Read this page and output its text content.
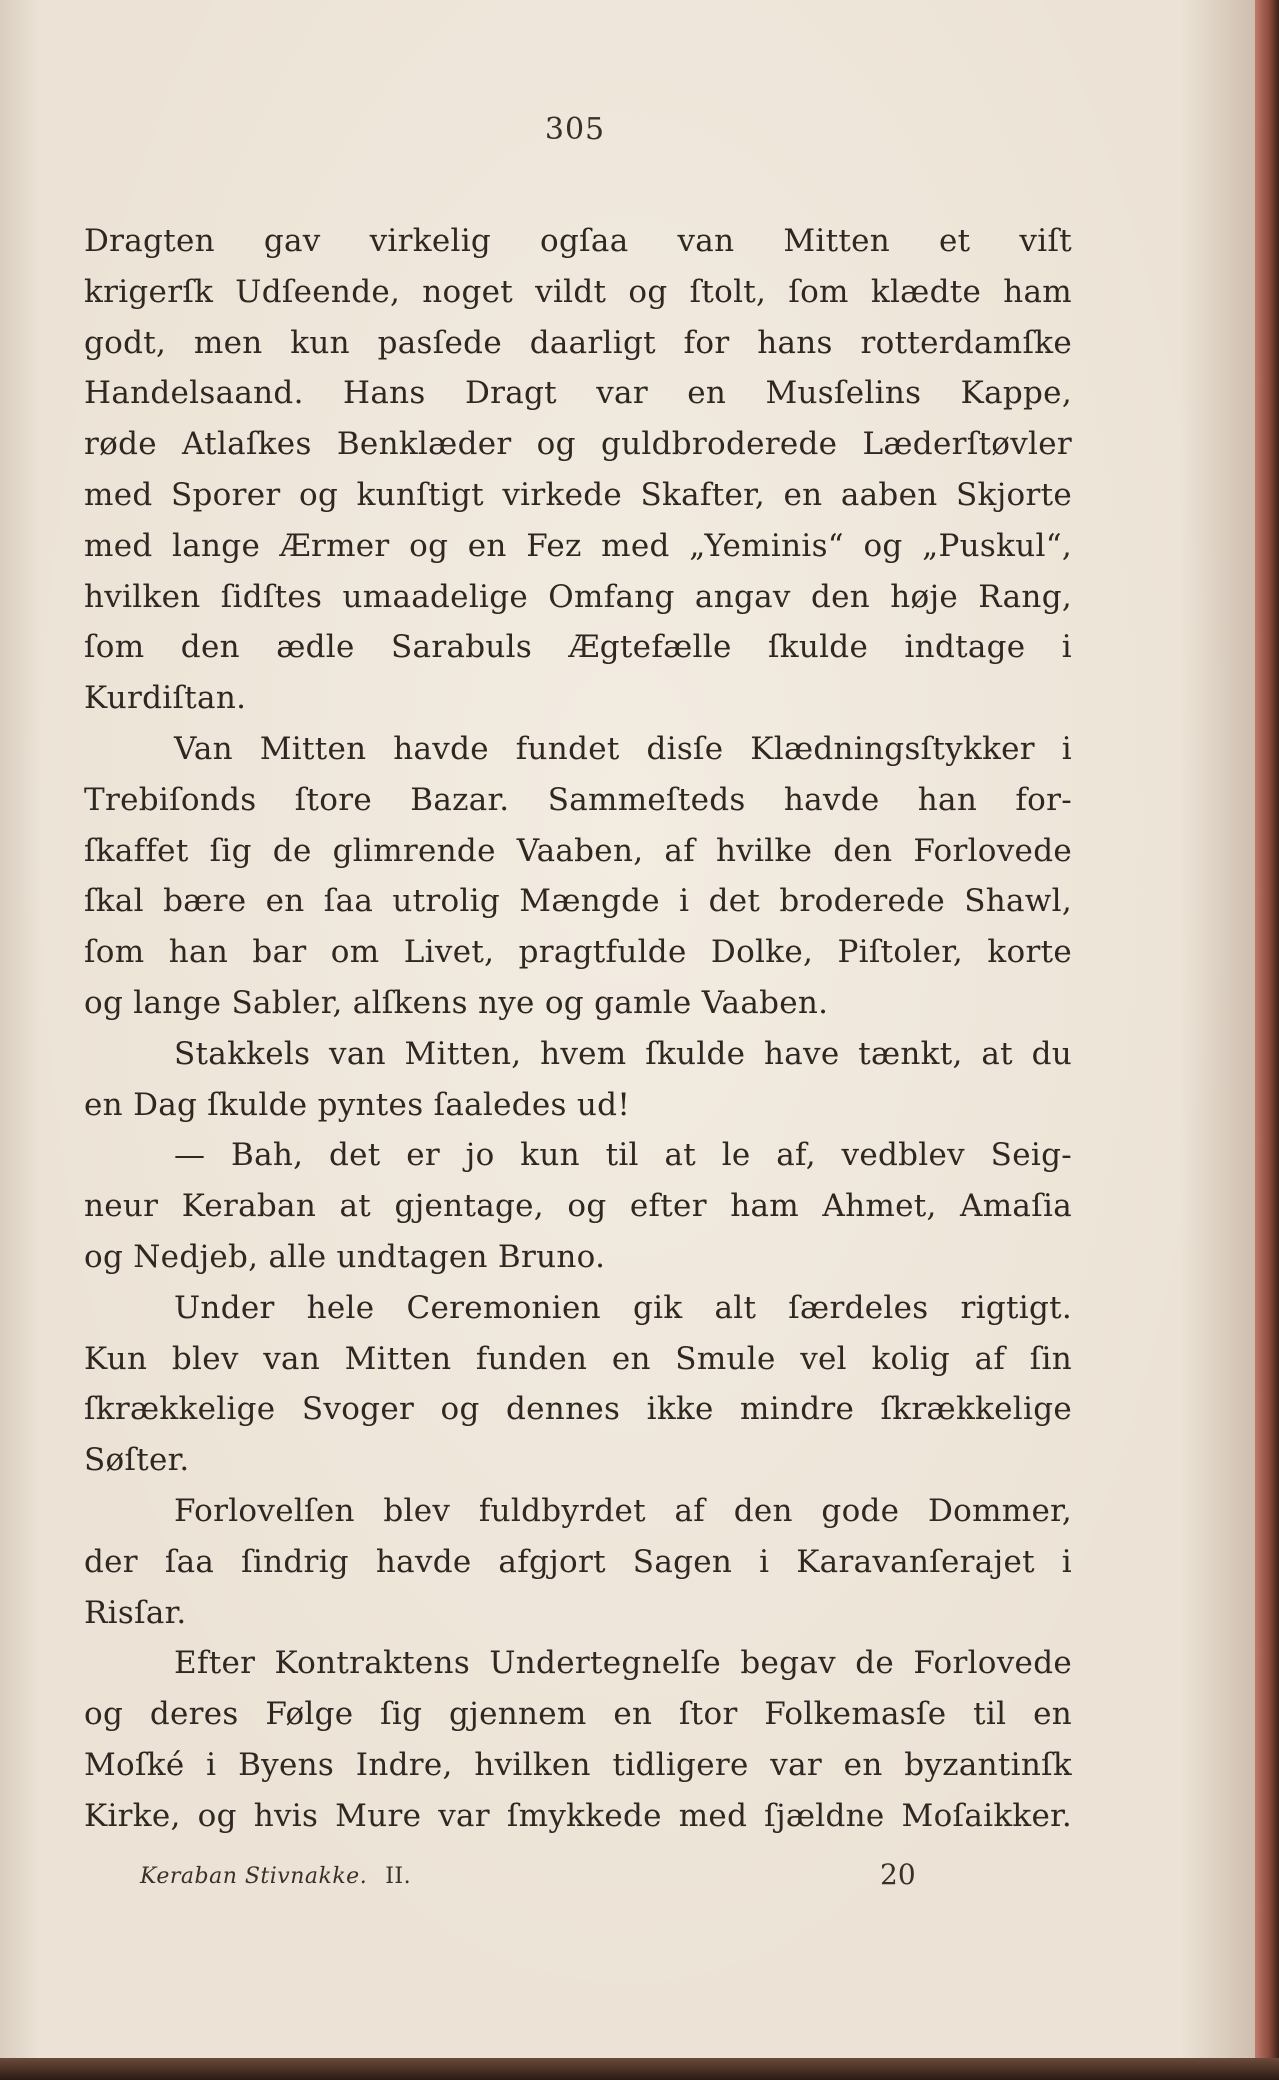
305
Dragten gav virkelig ogſaa van Mitten et viſt
krigerſk Udſeende, noget vildt og ſtolt, ſom klædte ham
godt, men kun pasſede daarligt for hans rotterdamſke
Handelsaand. Hans Dragt var en Musſelins Kappe,
røde Atlaſkes Benklæder og guldbroderede Læderſtøvler
med Sporer og kunſtigt virkede Skafter, en aaben Skjorte
med lange Ærmer og en Fez med „Yeminis“ og „Puskul“,
hvilken ſidſtes umaadelige Omfang angav den høje Rang,
ſom den ædle Sarabuls Ægtefælle ſkulde indtage i
Kurdiſtan.
Van Mitten havde fundet disſe Klædningsſtykker i
Trebiſonds ſtore Bazar. Sammeſteds havde han for-
ſkaffet ſig de glimrende Vaaben, af hvilke den Forlovede
ſkal bære en ſaa utrolig Mængde i det broderede Shawl,
ſom han bar om Livet, pragtfulde Dolke, Piſtoler, korte
og lange Sabler, alſkens nye og gamle Vaaben.
Stakkels van Mitten, hvem ſkulde have tænkt, at du
en Dag ſkulde pyntes ſaaledes ud!
— Bah, det er jo kun til at le af, vedblev Seig-
neur Keraban at gjentage, og efter ham Ahmet, Amaſia
og Nedjeb, alle undtagen Bruno.
Under hele Ceremonien gik alt ſærdeles rigtigt.
Kun blev van Mitten funden en Smule vel kolig af ſin
ſkrækkelige Svoger og dennes ikke mindre ſkrækkelige
Søſter.
Forlovelſen blev fuldbyrdet af den gode Dommer,
der ſaa ſindrig havde afgjort Sagen i Karavanſerajet i
Risſar.
Efter Kontraktens Undertegnelſe begav de Forlovede
og deres Følge ſig gjennem en ſtor Folkemasſe til en
Moſké i Byens Indre, hvilken tidligere var en byzantinſk
Kirke, og hvis Mure var ſmykkede med ſjældne Moſaikker.
Keraban Stivnakke. II.	20
